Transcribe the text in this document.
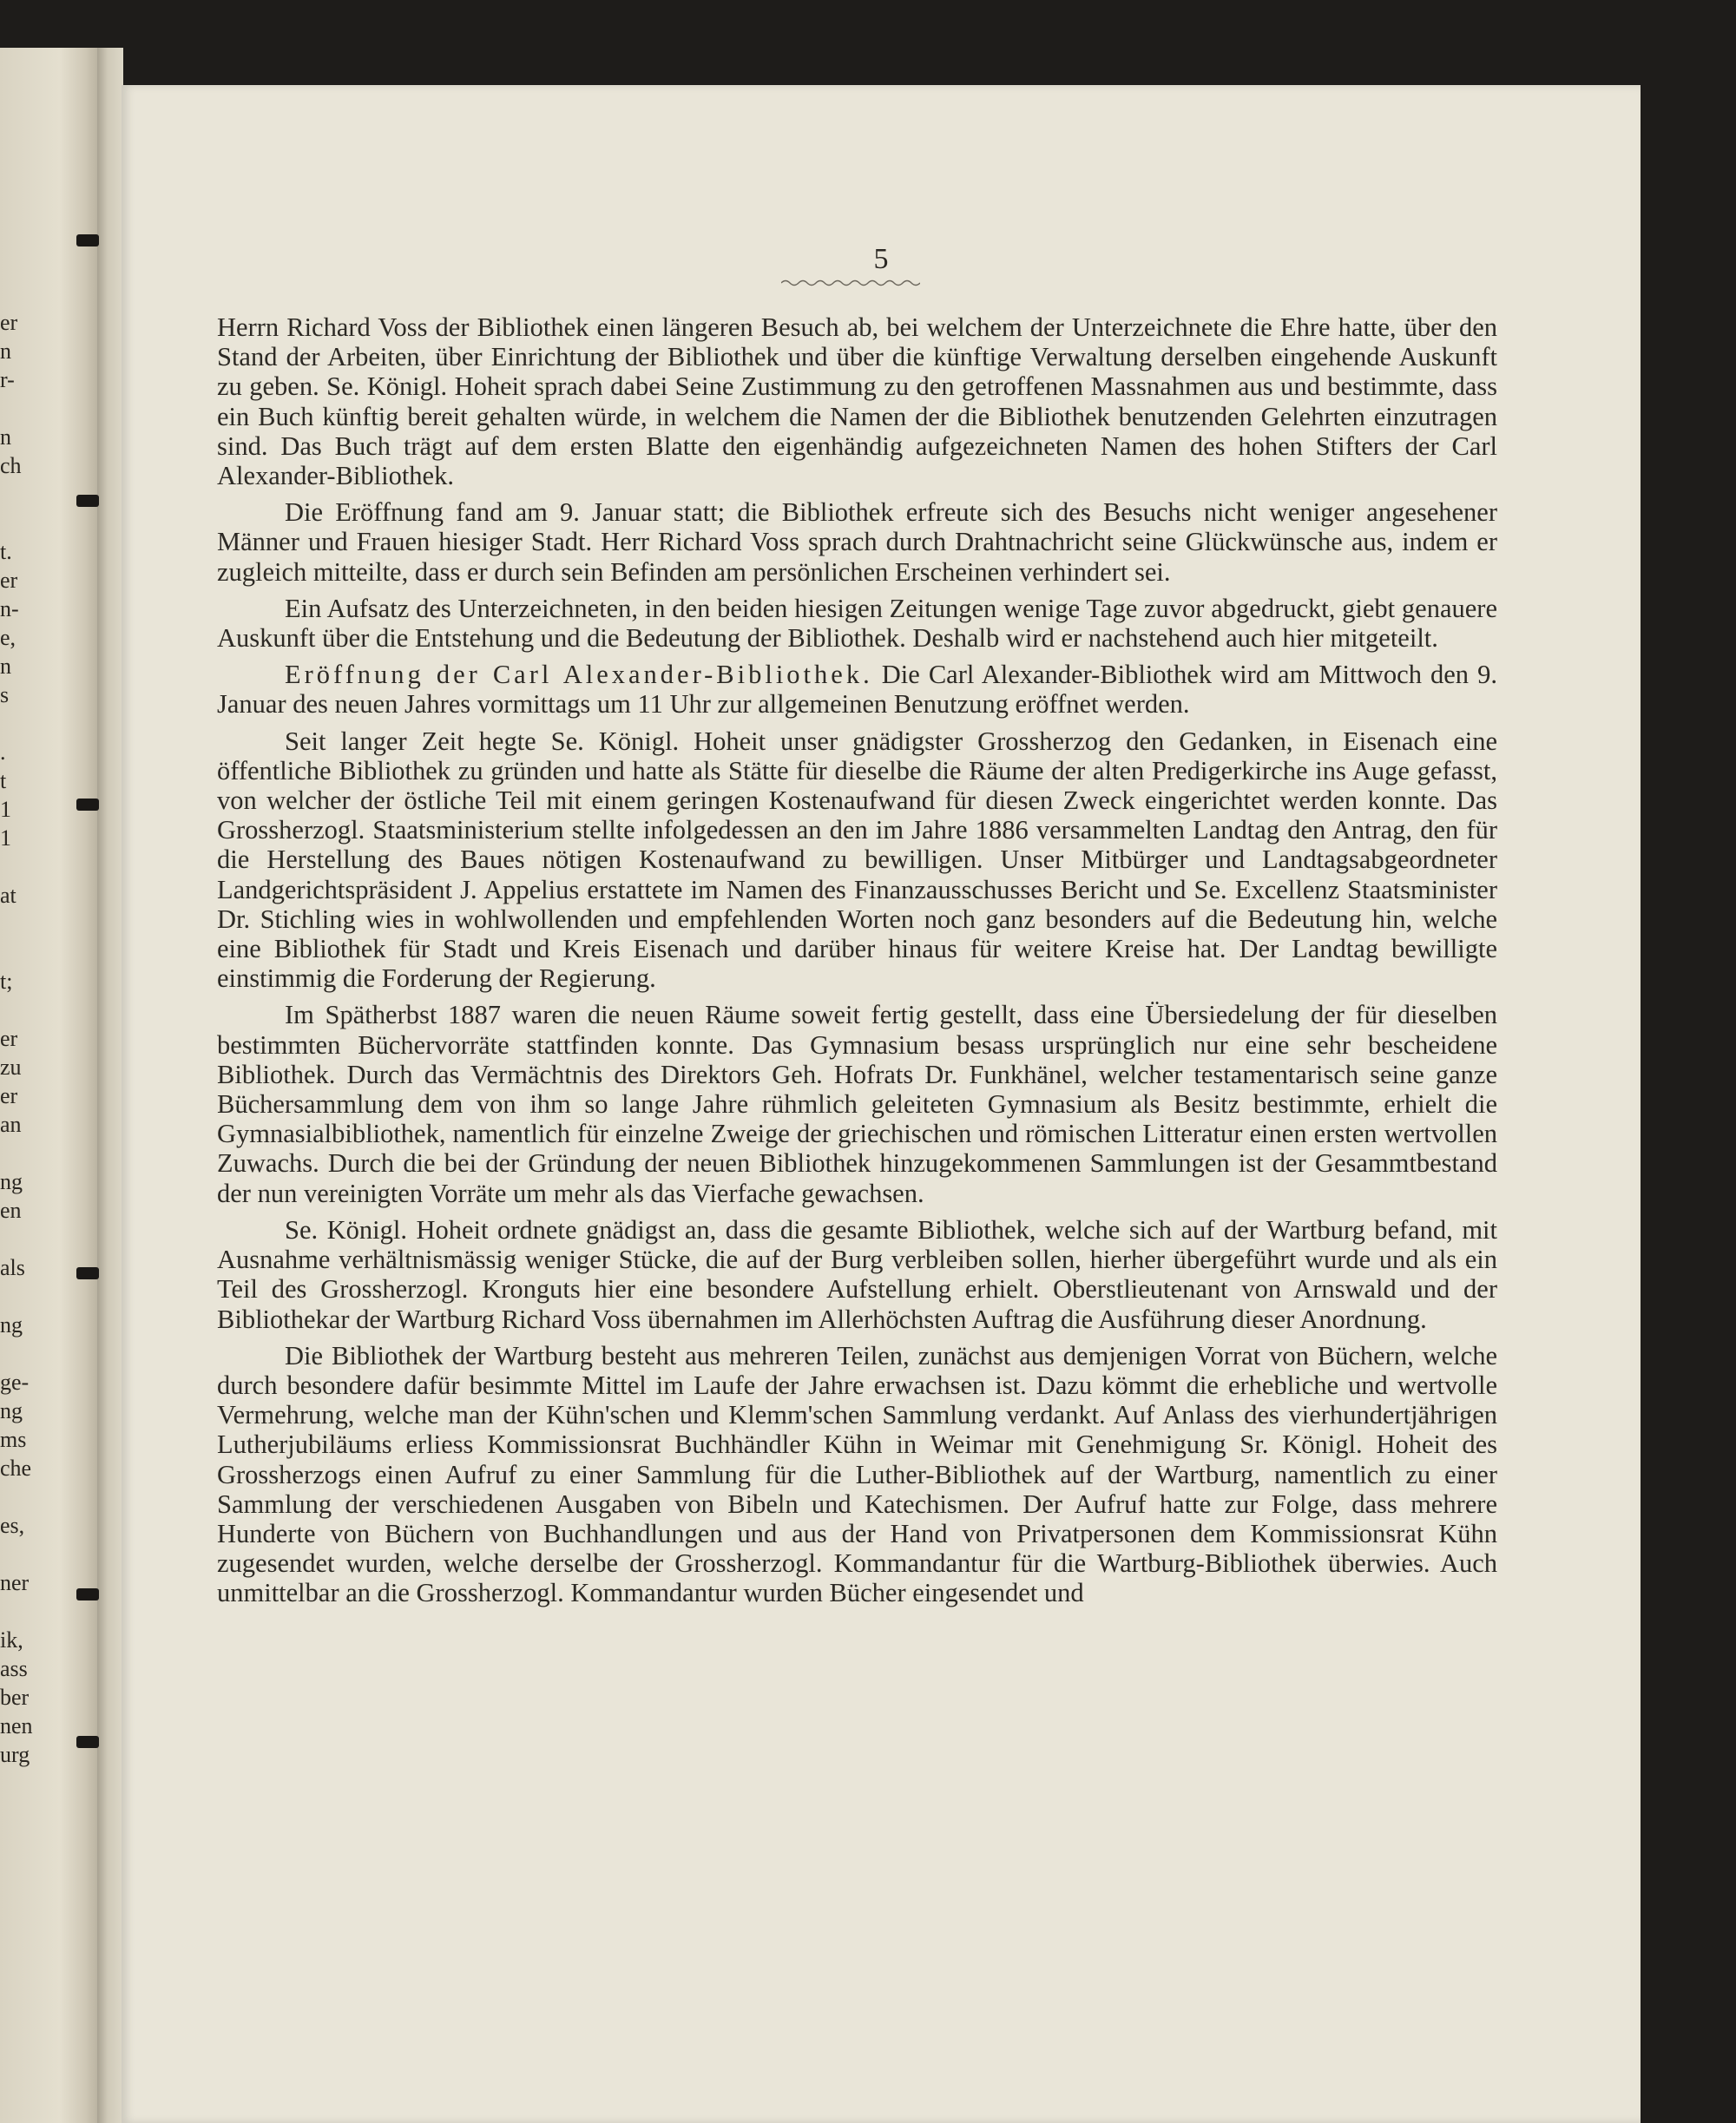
er
n
r-

n
ch

t.
er
n-
e,
n
s

.
t
1
1

at

t;

er
zu
er
an

ng
en

als

ng

ge-
ng
ms
che

es,

ner

ik,
ass
ber
nen
urg
5

Herrn Richard Voss der Bibliothek einen längeren Besuch ab, bei welchem der Unterzeichnete die Ehre hatte, über den Stand der Arbeiten, über Einrichtung der Bibliothek und über die künftige Verwaltung derselben eingehende Auskunft zu geben. Se. Königl. Hoheit sprach dabei Seine Zustimmung zu den getroffenen Massnahmen aus und bestimmte, dass ein Buch künftig bereit gehalten würde, in welchem die Namen der die Bibliothek benutzenden Gelehrten einzutragen sind. Das Buch trägt auf dem ersten Blatte den eigenhändig aufgezeichneten Namen des hohen Stifters der Carl Alexander-Bibliothek.

Die Eröffnung fand am 9. Januar statt; die Bibliothek erfreute sich des Besuchs nicht weniger angesehener Männer und Frauen hiesiger Stadt. Herr Richard Voss sprach durch Drahtnachricht seine Glückwünsche aus, indem er zugleich mitteilte, dass er durch sein Befinden am persönlichen Erscheinen verhindert sei.

Ein Aufsatz des Unterzeichneten, in den beiden hiesigen Zeitungen wenige Tage zuvor abgedruckt, giebt genauere Auskunft über die Entstehung und die Bedeutung der Bibliothek. Deshalb wird er nachstehend auch hier mitgeteilt.

Eröffnung der Carl Alexander-Bibliothek. Die Carl Alexander-Bibliothek wird am Mittwoch den 9. Januar des neuen Jahres vormittags um 11 Uhr zur allgemeinen Benutzung eröffnet werden.

Seit langer Zeit hegte Se. Königl. Hoheit unser gnädigster Grossherzog den Gedanken, in Eisenach eine öffentliche Bibliothek zu gründen und hatte als Stätte für dieselbe die Räume der alten Predigerkirche ins Auge gefasst, von welcher der östliche Teil mit einem geringen Kostenaufwand für diesen Zweck eingerichtet werden konnte. Das Grossherzogl. Staatsministerium stellte infolgedessen an den im Jahre 1886 versammelten Landtag den Antrag, den für die Herstellung des Baues nötigen Kostenaufwand zu bewilligen. Unser Mitbürger und Landtagsabgeordneter Landgerichtspräsident J. Appelius erstattete im Namen des Finanzausschusses Bericht und Se. Excellenz Staatsminister Dr. Stichling wies in wohlwollenden und empfehlenden Worten noch ganz besonders auf die Bedeutung hin, welche eine Bibliothek für Stadt und Kreis Eisenach und darüber hinaus für weitere Kreise hat. Der Landtag bewilligte einstimmig die Forderung der Regierung.

Im Spätherbst 1887 waren die neuen Räume soweit fertig gestellt, dass eine Übersiedelung der für dieselben bestimmten Büchervorräte stattfinden konnte. Das Gymnasium besass ursprünglich nur eine sehr bescheidene Bibliothek. Durch das Vermächtnis des Direktors Geh. Hofrats Dr. Funkhänel, welcher testamentarisch seine ganze Büchersammlung dem von ihm so lange Jahre rühmlich geleiteten Gymnasium als Besitz bestimmte, erhielt die Gymnasialbibliothek, namentlich für einzelne Zweige der griechischen und römischen Litteratur einen ersten wertvollen Zuwachs. Durch die bei der Gründung der neuen Bibliothek hinzugekommenen Sammlungen ist der Gesammtbestand der nun vereinigten Vorräte um mehr als das Vierfache gewachsen.

Se. Königl. Hoheit ordnete gnädigst an, dass die gesamte Bibliothek, welche sich auf der Wartburg befand, mit Ausnahme verhältnismässig weniger Stücke, die auf der Burg verbleiben sollen, hierher übergeführt wurde und als ein Teil des Grossherzogl. Kronguts hier eine besondere Aufstellung erhielt. Oberstlieutenant von Arnswald und der Bibliothekar der Wartburg Richard Voss übernahmen im Allerhöchsten Auftrag die Ausführung dieser Anordnung.

Die Bibliothek der Wartburg besteht aus mehreren Teilen, zunächst aus demjenigen Vorrat von Büchern, welche durch besondere dafür besimmte Mittel im Laufe der Jahre erwachsen ist. Dazu kömmt die erhebliche und wertvolle Vermehrung, welche man der Kühn'schen und Klemm'schen Sammlung verdankt. Auf Anlass des vierhundertjährigen Lutherjubiläums erliess Kommissionsrat Buchhändler Kühn in Weimar mit Genehmigung Sr. Königl. Hoheit des Grossherzogs einen Aufruf zu einer Sammlung für die Luther-Bibliothek auf der Wartburg, namentlich zu einer Sammlung der verschiedenen Ausgaben von Bibeln und Katechismen. Der Aufruf hatte zur Folge, dass mehrere Hunderte von Büchern von Buchhandlungen und aus der Hand von Privatpersonen dem Kommissionsrat Kühn zugesendet wurden, welche derselbe der Grossherzogl. Kommandantur für die Wartburg-Bibliothek überwies. Auch unmittelbar an die Grossherzogl. Kommandantur wurden Bücher eingesendet und
